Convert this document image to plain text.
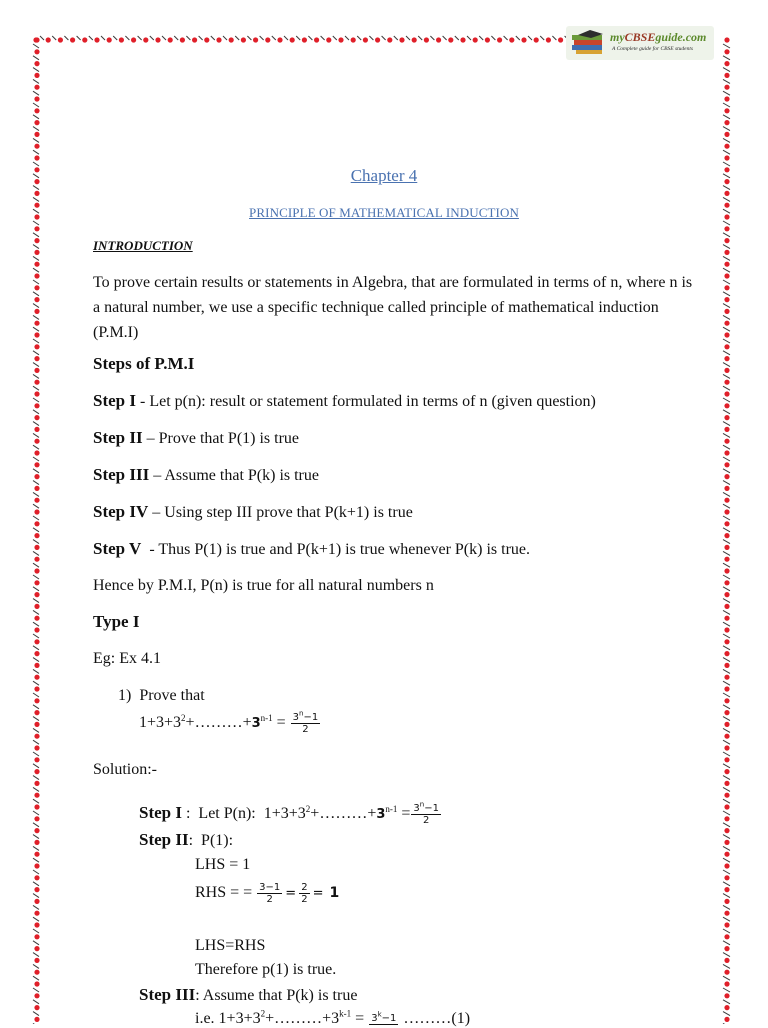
myCBSEguide.com
A Complete guide for CBSE students
Chapter 4
PRINCIPLE OF MATHEMATICAL INDUCTION
INTRODUCTION
To prove certain results or statements in Algebra, that are formulated in terms of n, where n is a natural number, we use a specific technique called principle of mathematical induction (P.M.I)
Steps of P.M.I
Step I - Let p(n): result or statement formulated in terms of n (given question)
Step II – Prove that P(1) is true
Step III – Assume that P(k) is true
Step IV – Using step III prove that P(k+1) is true
Step V  - Thus P(1) is true and P(k+1) is true whenever P(k) is true.
Hence by P.M.I, P(n) is true for all natural numbers n
Type I
Eg: Ex 4.1
1)  Prove that
$1+3+3^2+\dots\dots\dots+3^{n-1} = \frac{3^n-1}{2}$
Solution:-
Step I :  Let P(n):  $1+3+3^2+\dots\dots\dots+3^{n-1} = \frac{3^n-1}{2}$
Step II:  P(1):
LHS = 1
RHS = = $\frac{3-1}{2} = \frac{2}{2} = 1$
LHS=RHS
Therefore p(1) is true.
Step III: Assume that P(k) is true
i.e. $1+3+3^2+\dots\dots\dots+3^{k-1} = 3^k-1$ ………(1)
